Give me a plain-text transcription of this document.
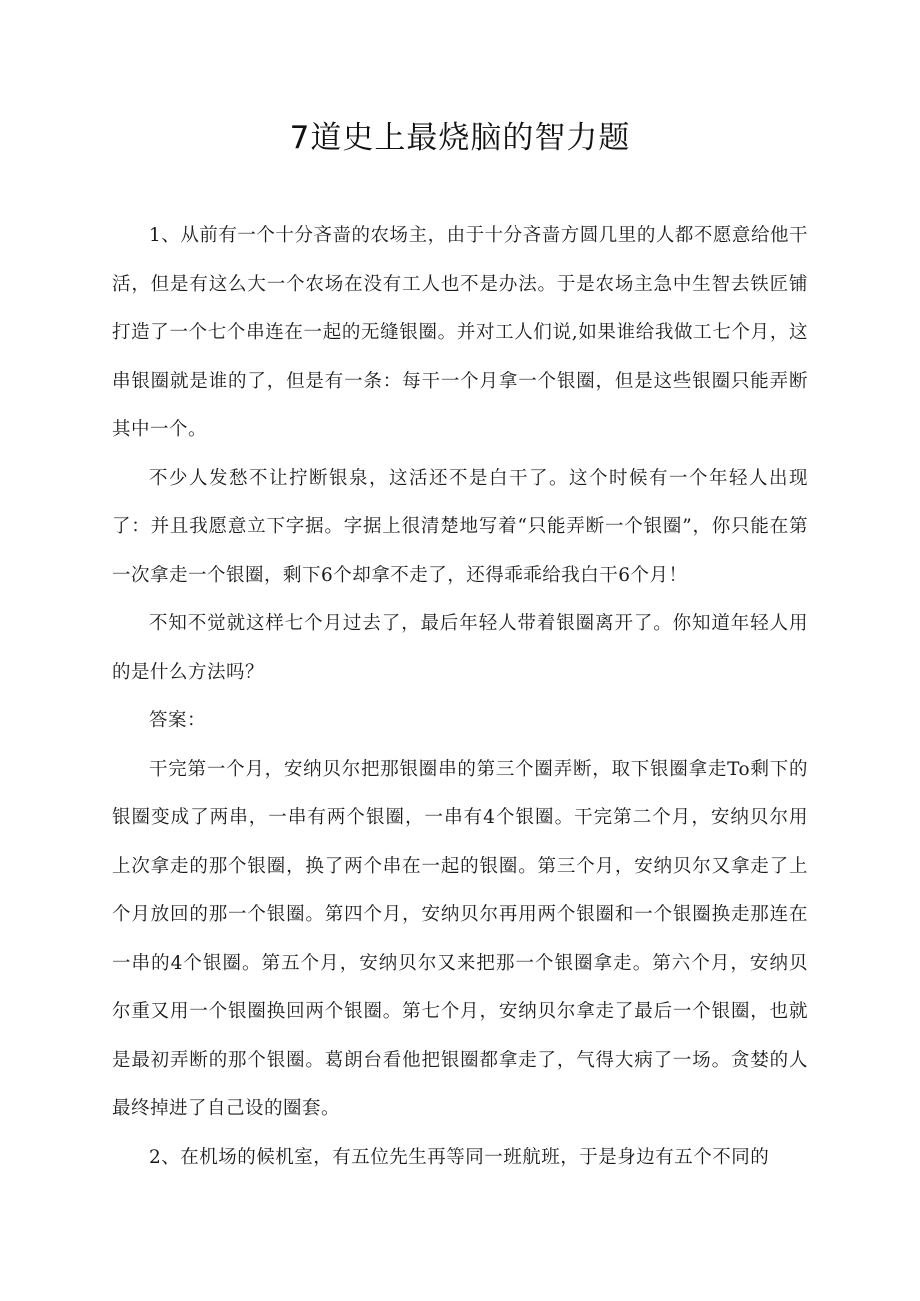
7道史上最烧脑的智力题

1、从前有一个十分吝啬的农场主，由于十分吝啬方圆几里的人都不愿意给他干活，但是有这么大一个农场在没有工人也不是办法。于是农场主急中生智去铁匠铺打造了一个七个串连在一起的无缝银圈。并对工人们说,如果谁给我做工七个月，这串银圈就是谁的了，但是有一条：每干一个月拿一个银圈，但是这些银圈只能弄断其中一个。

不少人发愁不让拧断银泉，这活还不是白干了。这个时候有一个年轻人出现了：并且我愿意立下字据。字据上很清楚地写着“只能弄断一个银圈”，你只能在第一次拿走一个银圈，剩下6个却拿不走了，还得乖乖给我白干6个月！

不知不觉就这样七个月过去了，最后年轻人带着银圈离开了。你知道年轻人用的是什么方法吗？

答案：

干完第一个月，安纳贝尔把那银圈串的第三个圈弄断，取下银圈拿走To剩下的银圈变成了两串，一串有两个银圈，一串有4个银圈。干完第二个月，安纳贝尔用上次拿走的那个银圈，换了两个串在一起的银圈。第三个月，安纳贝尔又拿走了上个月放回的那一个银圈。第四个月，安纳贝尔再用两个银圈和一个银圈换走那连在一串的4个银圈。第五个月，安纳贝尔又来把那一个银圈拿走。第六个月，安纳贝尔重又用一个银圈换回两个银圈。第七个月，安纳贝尔拿走了最后一个银圈，也就是最初弄断的那个银圈。葛朗台看他把银圈都拿走了，气得大病了一场。贪婪的人最终掉进了自己设的圈套。

2、在机场的候机室，有五位先生再等同一班航班，于是身边有五个不同的
